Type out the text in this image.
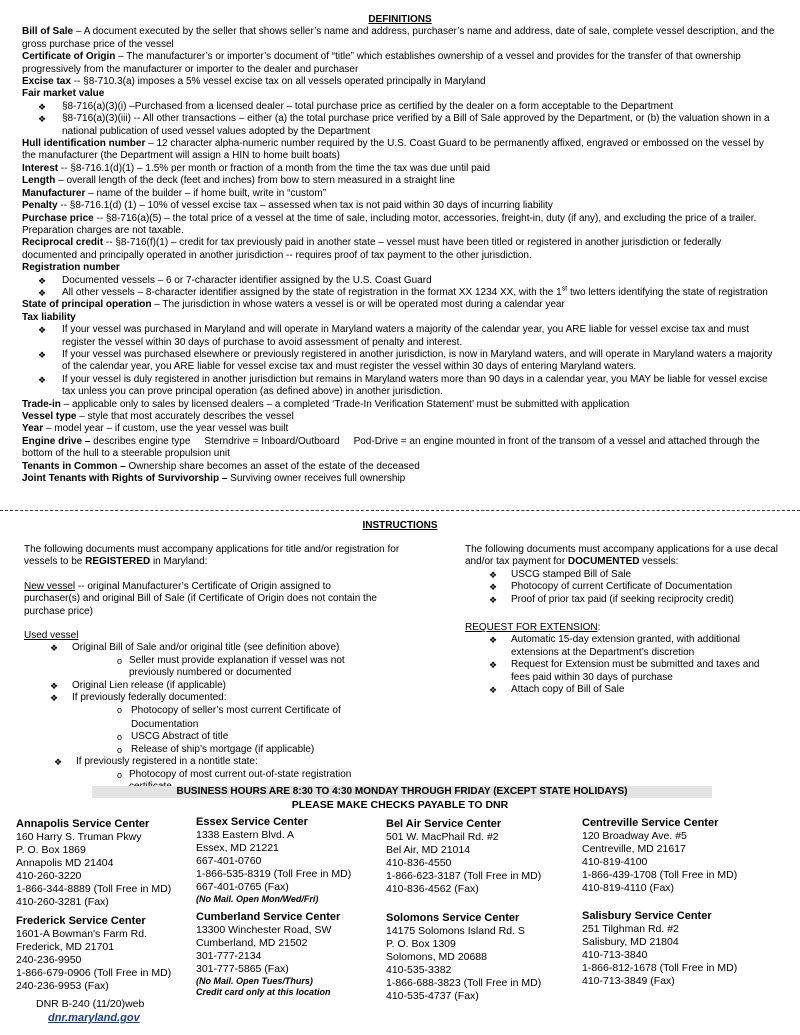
DEFINITIONS

Bill of Sale – A document executed by the seller that shows seller’s name and address, purchaser’s name and address, date of sale, complete vessel description, and the gross purchase price of the vessel

Certificate of Origin – The manufacturer’s or importer’s document of “title” which establishes ownership of a vessel and provides for the transfer of that ownership progressively from the manufacturer or importer to the dealer and purchaser

Excise tax -- §8-710.3(a) imposes a 5% vessel excise tax on all vessels operated principally in Maryland

Fair market value

❖ §8-716(a)(3)(i) –Purchased from a licensed dealer – total purchase price as certified by the dealer on a form acceptable to the Department

❖ §8-716(a)(3)(iii) -- All other transactions – either (a) the total purchase price verified by a Bill of Sale approved by the Department, or (b) the valuation shown in a national publication of used vessel values adopted by the Department

Hull identification number – 12 character alpha-numeric number required by the U.S. Coast Guard to be permanently affixed, engraved or embossed on the vessel by the manufacturer (the Department will assign a HIN to home built boats)

Interest -- §8-716.1(d)(1) – 1.5% per month or fraction of a month from the time the tax was due until paid

Length – overall length of the deck (feet and inches) from bow to stern measured in a straight line

Manufacturer – name of the builder – if home built, write in “custom”

Penalty -- §8-716.1(d) (1) – 10% of vessel excise tax – assessed when tax is not paid within 30 days of incurring liability

Purchase price -- §8-716(a)(5) – the total price of a vessel at the time of sale, including motor, accessories, freight-in, duty (if any), and excluding the price of a trailer. Preparation charges are not taxable.

Reciprocal credit -- §8-716(f)(1) – credit for tax previously paid in another state – vessel must have been titled or registered in another jurisdiction or federally documented and principally operated in another jurisdiction -- requires proof of tax payment to the other jurisdiction.

Registration number

❖ Documented vessels – 6 or 7-character identifier assigned by the U.S. Coast Guard

❖ All other vessels – 8-character identifier assigned by the state of registration in the format XX 1234 XX, with the 1st two letters identifying the state of registration

State of principal operation – The jurisdiction in whose waters a vessel is or will be operated most during a calendar year

Tax liability

❖ If your vessel was purchased in Maryland and will operate in Maryland waters a majority of the calendar year, you ARE liable for vessel excise tax and must register the vessel within 30 days of purchase to avoid assessment of penalty and interest.

❖ If your vessel was purchased elsewhere or previously registered in another jurisdiction, is now in Maryland waters, and will operate in Maryland waters a majority of the calendar year, you ARE liable for vessel excise tax and must register the vessel within 30 days of entering Maryland waters.

❖ If your vessel is duly registered in another jurisdiction but remains in Maryland waters more than 90 days in a calendar year, you MAY be liable for vessel excise tax unless you can prove principal operation (as defined above) in another jurisdiction.

Trade-in – applicable only to sales by licensed dealers – a completed ‘Trade-In Verification Statement’ must be submitted with application

Vessel type – style that most accurately describes the vessel

Year – model year – if custom, use the year vessel was built

Engine drive – describes engine type     Sterndrive = Inboard/Outboard     Pod-Drive = an engine mounted in front of the transom of a vessel and attached through the bottom of the hull to a steerable propulsion unit

Tenants in Common – Ownership share becomes an asset of the estate of the deceased

Joint Tenants with Rights of Survivorship – Surviving owner receives full ownership

INSTRUCTIONS

The following documents must accompany applications for title and/or registration for vessels to be REGISTERED in Maryland:

New vessel -- original Manufacturer’s Certificate of Origin assigned to purchaser(s) and original Bill of Sale (if Certificate of Origin does not contain the purchase price)

Used vessel

❖ Original Bill of Sale and/or original title (see definition above)

o Seller must provide explanation if vessel was not previously numbered or documented

❖ Original Lien release (if applicable)

❖ If previously federally documented:

o Photocopy of seller’s most current Certificate of Documentation

o USCG Abstract of title

o Release of ship’s mortgage (if applicable)

❖ If previously registered in a nontitle state:

o Photocopy of most current out-of-state registration

The following documents must accompany applications for a use decal and/or tax payment for DOCUMENTED vessels:

❖ USCG stamped Bill of Sale

❖ Photocopy of current Certificate of Documentation

❖ Proof of prior tax paid (if seeking reciprocity credit)

REQUEST FOR EXTENSION:

❖ Automatic 15-day extension granted, with additional extensions at the Department’s discretion

❖ Request for Extension must be submitted and taxes and fees paid within 30 days of purchase

❖ Attach copy of Bill of Sale

BUSINESS HOURS ARE 8:30 TO 4:30 MONDAY THROUGH FRIDAY (EXCEPT STATE HOLIDAYS)
PLEASE MAKE CHECKS PAYABLE TO DNR
Annapolis Service Center
160 Harry S. Truman Pkwy
P. O. Box 1869
Annapolis MD 21404
410-260-3220
1-866-344-8889 (Toll Free in MD)
410-260-3281 (Fax)
Frederick Service Center
1601-A Bowman's Farm Rd.
Frederick, MD 21701
240-236-9950
1-866-679-0906 (Toll Free in MD)
240-236-9953 (Fax)
Essex Service Center
1338 Eastern Blvd. A
Essex, MD 21221
667-401-0760
1-866-535-8319 (Toll Free in MD)
667-401-0765 (Fax)
(No Mail. Open Mon/Wed/Fri)
Cumberland Service Center
13300 Winchester Road, SW
Cumberland, MD 21502
301-777-2134
301-777-5865 (Fax)
(No Mail. Open Tues/Thurs)
Credit card only at this location
Bel Air Service Center
501 W. MacPhail Rd. #2
Bel Air, MD 21014
410-836-4550
1-866-623-3187 (Toll Free in MD)
410-836-4562 (Fax)
Solomons Service Center
14175 Solomons Island Rd. S
P. O. Box 1309
Solomons, MD 20688
410-535-3382
1-866-688-3823 (Toll Free in MD)
410-535-4737 (Fax)
Centreville Service Center
120 Broadway Ave. #5
Centreville, MD 21617
410-819-4100
1-866-439-1708 (Toll Free in MD)
410-819-4110 (Fax)
Salisbury Service Center
251 Tilghman Rd. #2
Salisbury, MD 21804
410-713-3840
1-866-812-1678 (Toll Free in MD)
410-713-3849 (Fax)
DNR B-240 (11/20)web
dnr.maryland.gov
